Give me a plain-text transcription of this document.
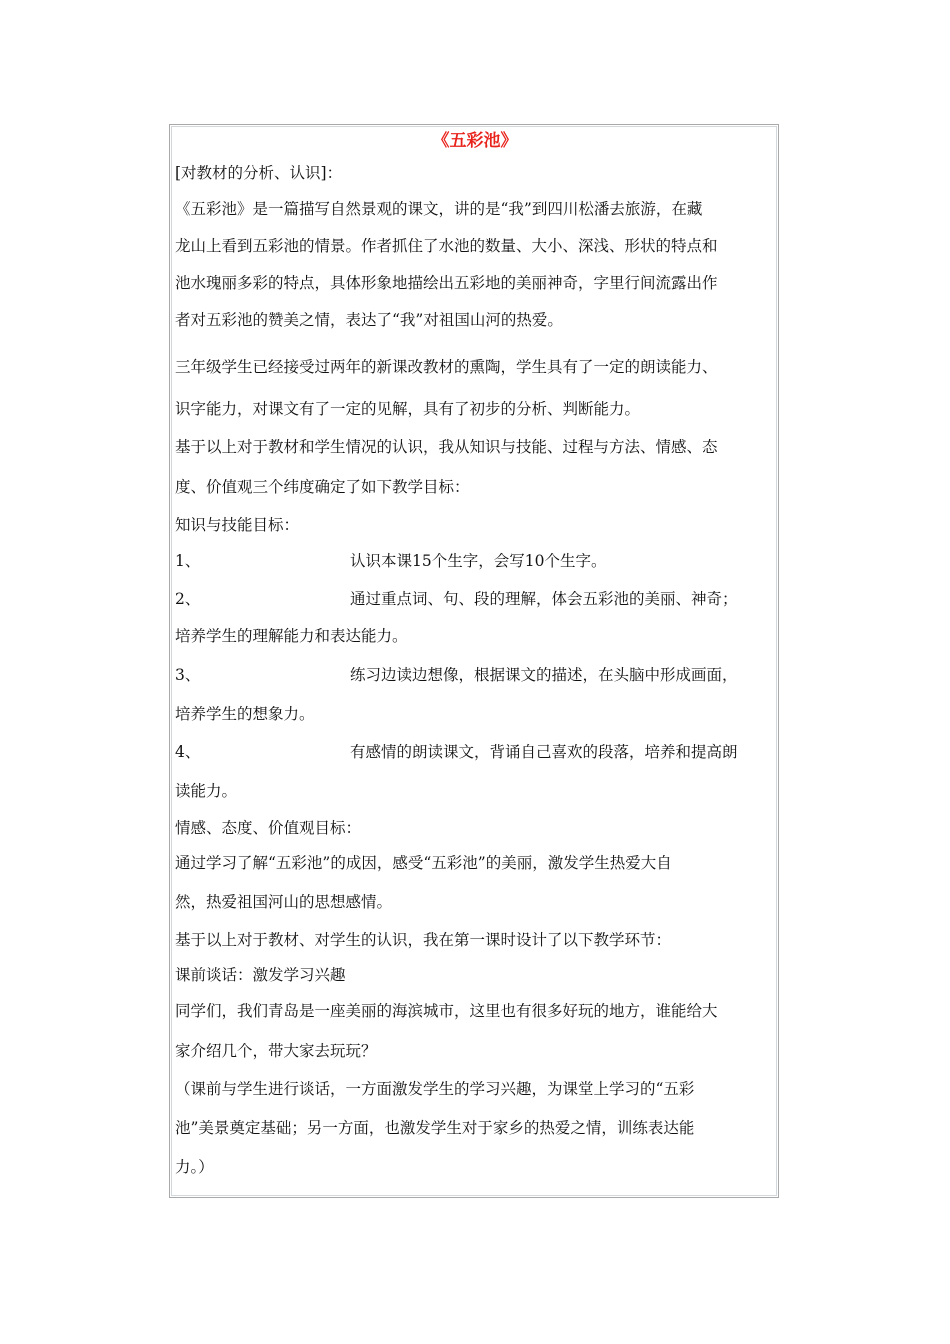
《五彩池》
[对教材的分析、认识]：
《五彩池》是一篇描写自然景观的课文，讲的是“我”到四川松潘去旅游，在藏
龙山上看到五彩池的情景。作者抓住了水池的数量、大小、深浅、形状的特点和
池水瑰丽多彩的特点，具体形象地描绘出五彩地的美丽神奇，字里行间流露出作
者对五彩池的赞美之情，表达了“我”对祖国山河的热爱。
三年级学生已经接受过两年的新课改教材的熏陶，学生具有了一定的朗读能力、
识字能力，对课文有了一定的见解，具有了初步的分析、判断能力。
基于以上对于教材和学生情况的认识，我从知识与技能、过程与方法、情感、态
度、价值观三个纬度确定了如下教学目标：
知识与技能目标：
1、	认识本课15个生字，会写10个生字。
2、	通过重点词、句、段的理解，体会五彩池的美丽、神奇；
培养学生的理解能力和表达能力。
3、	练习边读边想像，根据课文的描述，在头脑中形成画面，
培养学生的想象力。
4、	有感情的朗读课文，背诵自己喜欢的段落，培养和提高朗
读能力。
情感、态度、价值观目标：
通过学习了解“五彩池”的成因，感受“五彩池”的美丽，激发学生热爱大自
然，热爱祖国河山的思想感情。
基于以上对于教材、对学生的认识，我在第一课时设计了以下教学环节：
课前谈话：激发学习兴趣
同学们，我们青岛是一座美丽的海滨城市，这里也有很多好玩的地方，谁能给大
家介绍几个，带大家去玩玩？
（课前与学生进行谈话，一方面激发学生的学习兴趣，为课堂上学习的“五彩
池”美景奠定基础；另一方面，也激发学生对于家乡的热爱之情，训练表达能
力。）
